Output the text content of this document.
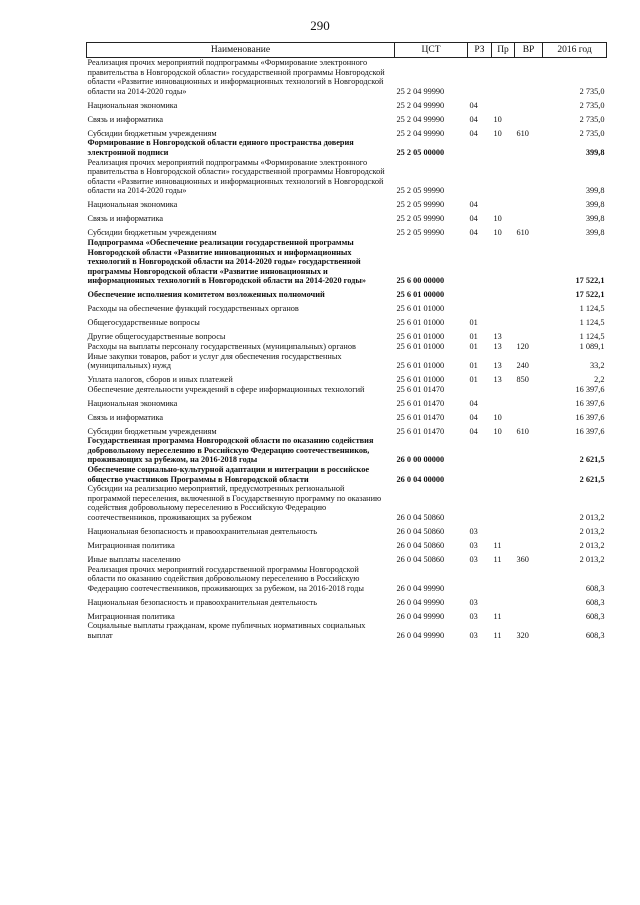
290
Наименование	ЦСТ	РЗ	Пр	ВР	2016 год
Реализация прочих мероприятий подпрограммы «Формирование электронного правительства в Новгородской области» государственной программы Новгородской области «Развитие инновационных и информационных технологий в Новгородской области на 2014-2020 годы»	25 2 04 99990				2 735,0
Национальная экономика	25 2 04 99990	04			2 735,0
Связь и информатика	25 2 04 99990	04	10		2 735,0
Субсидии бюджетным учреждениям	25 2 04 99990	04	10	610	2 735,0
Формирование в Новгородской области единого пространства доверия электронной подписи	25 2 05 00000				399,8
Реализация прочих мероприятий подпрограммы «Формирование электронного правительства в Новгородской области» государственной программы Новгородской области «Развитие инновационных и информационных технологий в Новгородской области на 2014-2020 годы»	25 2 05 99990				399,8
Национальная экономика	25 2 05 99990	04			399,8
Связь и информатика	25 2 05 99990	04	10		399,8
Субсидии бюджетным учреждениям	25 2 05 99990	04	10	610	399,8
Подпрограмма «Обеспечение реализации государственной программы Новгородской области «Развитие инновационных и информационных технологий в Новгородской области на 2014-2020 годы» государственной программы Новгородской области «Развитие инновационных и информационных технологий в Новгородской области на 2014-2020 годы»	25 6 00 00000				17 522,1
Обеспечение исполнения комитетом возложенных полномочий	25 6 01 00000				17 522,1
Расходы на обеспечение функций государственных органов	25 6 01 01000				1 124,5
Общегосударственные вопросы	25 6 01 01000	01			1 124,5
Другие общегосударственные вопросы	25 6 01 01000	01	13		1 124,5
Расходы на выплаты персоналу государственных (муниципальных) органов	25 6 01 01000	01	13	120	1 089,1
Иные закупки товаров, работ и услуг для обеспечения государственных (муниципальных) нужд	25 6 01 01000	01	13	240	33,2
Уплата налогов, сборов и иных платежей	25 6 01 01000	01	13	850	2,2
Обеспечение деятельности учреждений в сфере информационных технологий	25 6 01 01470				16 397,6
Национальная экономика	25 6 01 01470	04			16 397,6
Связь и информатика	25 6 01 01470	04	10		16 397,6
Субсидии бюджетным учреждениям	25 6 01 01470	04	10	610	16 397,6
Государственная программа Новгородской области по оказанию содействия добровольному переселению в Российскую Федерацию соотечественников, проживающих за рубежом, на 2016-2018 годы	26 0 00 00000				2 621,5
Обеспечение социально-культурной адаптации и интеграции в российское общество участников Программы в Новгородской области	26 0 04 00000				2 621,5
Субсидии на реализацию мероприятий, предусмотренных региональной программой переселения, включенной в Государственную программу по оказанию содействия добровольному переселению в Российскую Федерацию соотечественников, проживающих за рубежом	26 0 04 50860				2 013,2
Национальная безопасность и правоохранительная деятельность	26 0 04 50860	03			2 013,2
Миграционная политика	26 0 04 50860	03	11		2 013,2
Иные выплаты населению	26 0 04 50860	03	11	360	2 013,2
Реализация прочих мероприятий государственной программы Новгородской области по оказанию содействия добровольному переселению в Российскую Федерацию соотечественников, проживающих за рубежом, на 2016-2018 годы	26 0 04 99990				608,3
Национальная безопасность и правоохранительная деятельность	26 0 04 99990	03			608,3
Миграционная политика	26 0 04 99990	03	11		608,3
Социальные выплаты гражданам, кроме публичных нормативных социальных выплат	26 0 04 99990	03	11	320	608,3
